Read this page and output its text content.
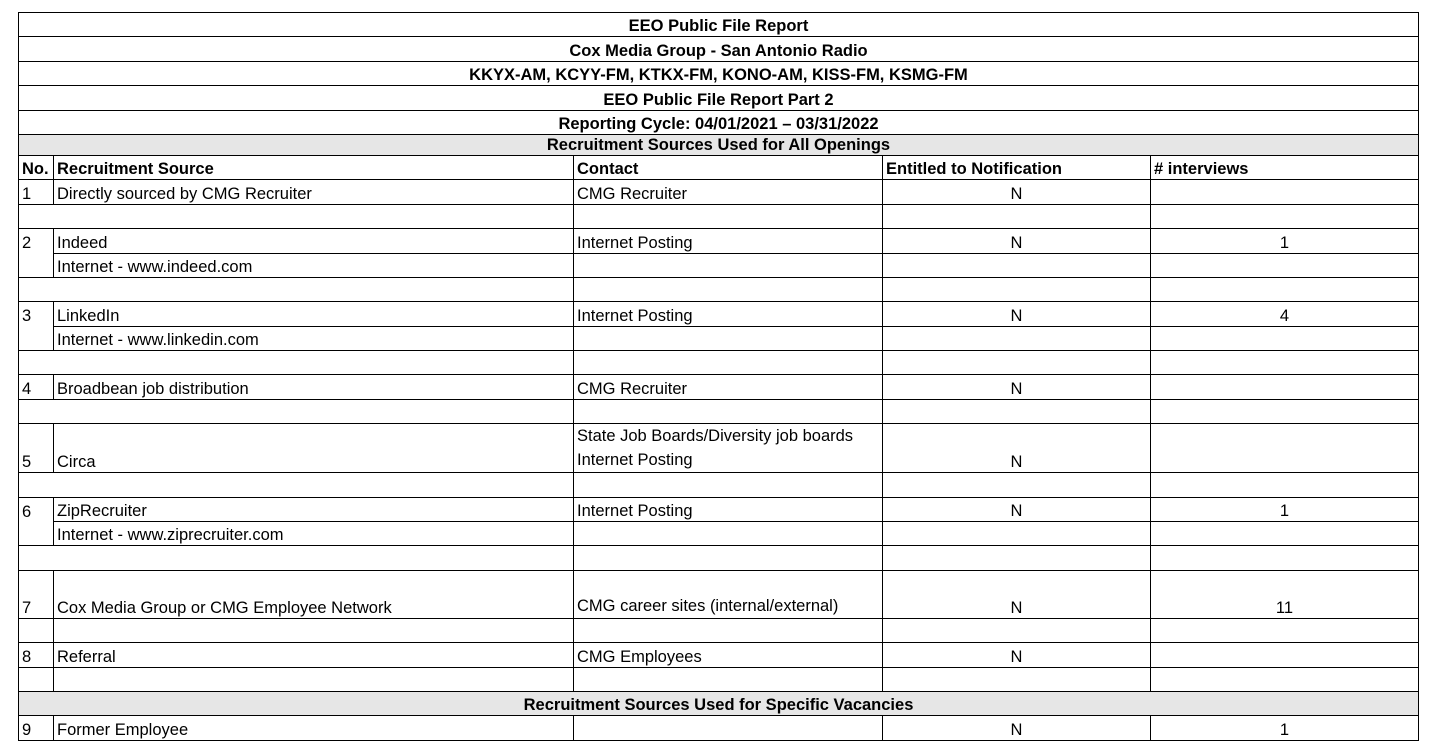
EEO Public File Report				
Cox Media Group - San Antonio Radio				
KKYX-AM, KCYY-FM, KTKX-FM, KONO-AM, KISS-FM, KSMG-FM				
EEO Public File Report Part 2				
Reporting Cycle: 04/01/2021 – 03/31/2022				
Recruitment Sources Used for All Openings				
No.	Recruitment Source	Contact	Entitled to Notification	# interviews
1	Directly sourced by CMG Recruiter	CMG Recruiter	N	

2	Indeed	Internet Posting	N	1
	Internet - www.indeed.com			

3	LinkedIn	Internet Posting	N	4
	Internet - www.linkedin.com			

4	Broadbean job distribution	CMG Recruiter	N	

5	Circa	State Job Boards/Diversity job boards Internet Posting	N	

6	ZipRecruiter	Internet Posting	N	1
	Internet - www.ziprecruiter.com			

7	Cox Media Group or CMG Employee Network	CMG career sites (internal/external)	N	11

8	Referral	CMG Employees	N	

Recruitment Sources Used for Specific Vacancies				
9	Former Employee		N	1
